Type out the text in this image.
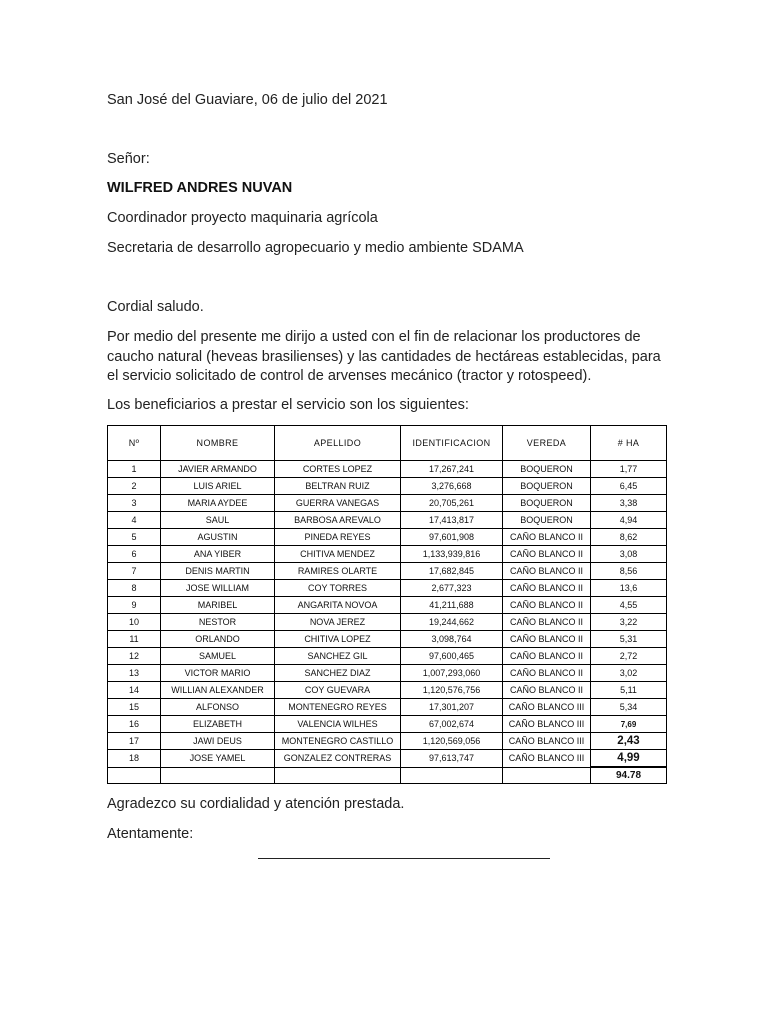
San José del Guaviare, 06 de julio del 2021
Señor:
WILFRED ANDRES NUVAN
Coordinador proyecto maquinaria agrícola
Secretaria de desarrollo agropecuario y medio ambiente SDAMA
Cordial saludo.
Por medio del presente me dirijo a usted con el fin de relacionar los productores de caucho natural (heveas brasilienses) y las cantidades de hectáreas establecidas, para el servicio solicitado de control de arvenses mecánico (tractor y rotospeed).
Los beneficiarios a prestar el servicio son los siguientes:
Nº	NOMBRE	APELLIDO	IDENTIFICACION	VEREDA	# HA
1	JAVIER ARMANDO	CORTES LOPEZ	17,267,241	BOQUERON	1,77
2	LUIS ARIEL	BELTRAN RUIZ	3,276,668	BOQUERON	6,45
3	MARIA AYDEE	GUERRA VANEGAS	20,705,261	BOQUERON	3,38
4	SAUL	BARBOSA AREVALO	17,413,817	BOQUERON	4,94
5	AGUSTIN	PINEDA REYES	97,601,908	CAÑO BLANCO II	8,62
6	ANA YIBER	CHITIVA MENDEZ	1,133,939,816	CAÑO BLANCO II	3,08
7	DENIS MARTIN	RAMIRES OLARTE	17,682,845	CAÑO BLANCO II	8,56
8	JOSE WILLIAM	COY TORRES	2,677,323	CAÑO BLANCO II	13,6
9	MARIBEL	ANGARITA NOVOA	41,211,688	CAÑO BLANCO II	4,55
10	NESTOR	NOVA JEREZ	19,244,662	CAÑO BLANCO II	3,22
11	ORLANDO	CHITIVA LOPEZ	3,098,764	CAÑO BLANCO II	5,31
12	SAMUEL	SANCHEZ GIL	97,600,465	CAÑO BLANCO II	2,72
13	VICTOR MARIO	SANCHEZ DIAZ	1,007,293,060	CAÑO BLANCO II	3,02
14	WILLIAN ALEXANDER	COY GUEVARA	1,120,576,756	CAÑO BLANCO II	5,11
15	ALFONSO	MONTENEGRO REYES	17,301,207	CAÑO BLANCO III	5,34
16	ELIZABETH	VALENCIA WILHES	67,002,674	CAÑO BLANCO III	7,69
17	JAWI DEUS	MONTENEGRO CASTILLO	1,120,569,056	CAÑO BLANCO III	2,43
18	JOSE YAMEL	GONZALEZ CONTRERAS	97,613,747	CAÑO BLANCO III	4,99
					94.78
Agradezco su cordialidad y atención prestada.
Atentamente:
